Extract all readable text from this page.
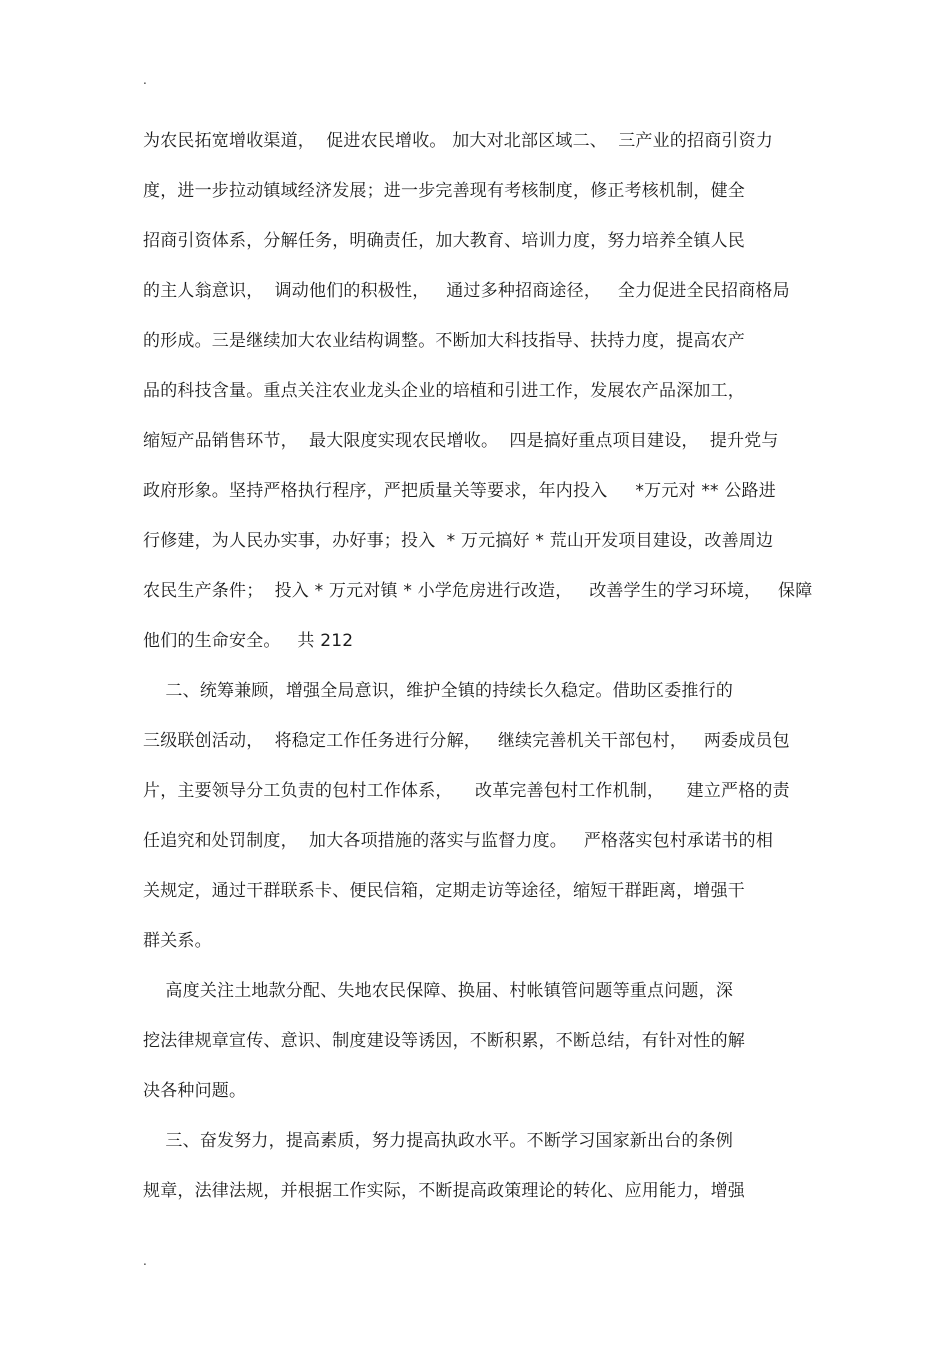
.
为农民拓宽增收渠道，  促进农民增收。 加大对北部区域二、  三产业的招商引资力
度，进一步拉动镇域经济发展；进一步完善现有考核制度，修正考核机制，健全
招商引资体系，分解任务，明确责任，加大教育、培训力度，努力培养全镇人民
的主人翁意识，  调动他们的积极性，   通过多种招商途径，   全力促进全民招商格局
的形成。三是继续加大农业结构调整。不断加大科技指导、扶持力度，提高农产
品的科技含量。重点关注农业龙头企业的培植和引进工作，发展农产品深加工，
缩短产品销售环节，  最大限度实现农民增收。  四是搞好重点项目建设，  提升党与
政府形象。坚持严格执行程序，严把质量关等要求，年内投入     *万元对 ** 公路进
行修建，为人民办实事，办好事；投入  * 万元搞好 * 荒山开发项目建设，改善周边
农民生产条件；  投入 * 万元对镇 * 小学危房进行改造，   改善学生的学习环境，   保障
他们的生命安全。   共 212
二、统筹兼顾，增强全局意识，维护全镇的持续长久稳定。借助区委推行的
三级联创活动，  将稳定工作任务进行分解，   继续完善机关干部包村，   两委成员包
片，主要领导分工负责的包村工作体系，    改革完善包村工作机制，    建立严格的责
任追究和处罚制度，  加大各项措施的落实与监督力度。   严格落实包村承诺书的相
关规定，通过干群联系卡、便民信箱，定期走访等途径，缩短干群距离，增强干
群关系。
高度关注土地款分配、失地农民保障、换届、村帐镇管问题等重点问题，深
挖法律规章宣传、意识、制度建设等诱因，不断积累，不断总结，有针对性的解
决各种问题。
三、奋发努力，提高素质，努力提高执政水平。不断学习国家新出台的条例
规章，法律法规，并根据工作实际，不断提高政策理论的转化、应用能力，增强
.
